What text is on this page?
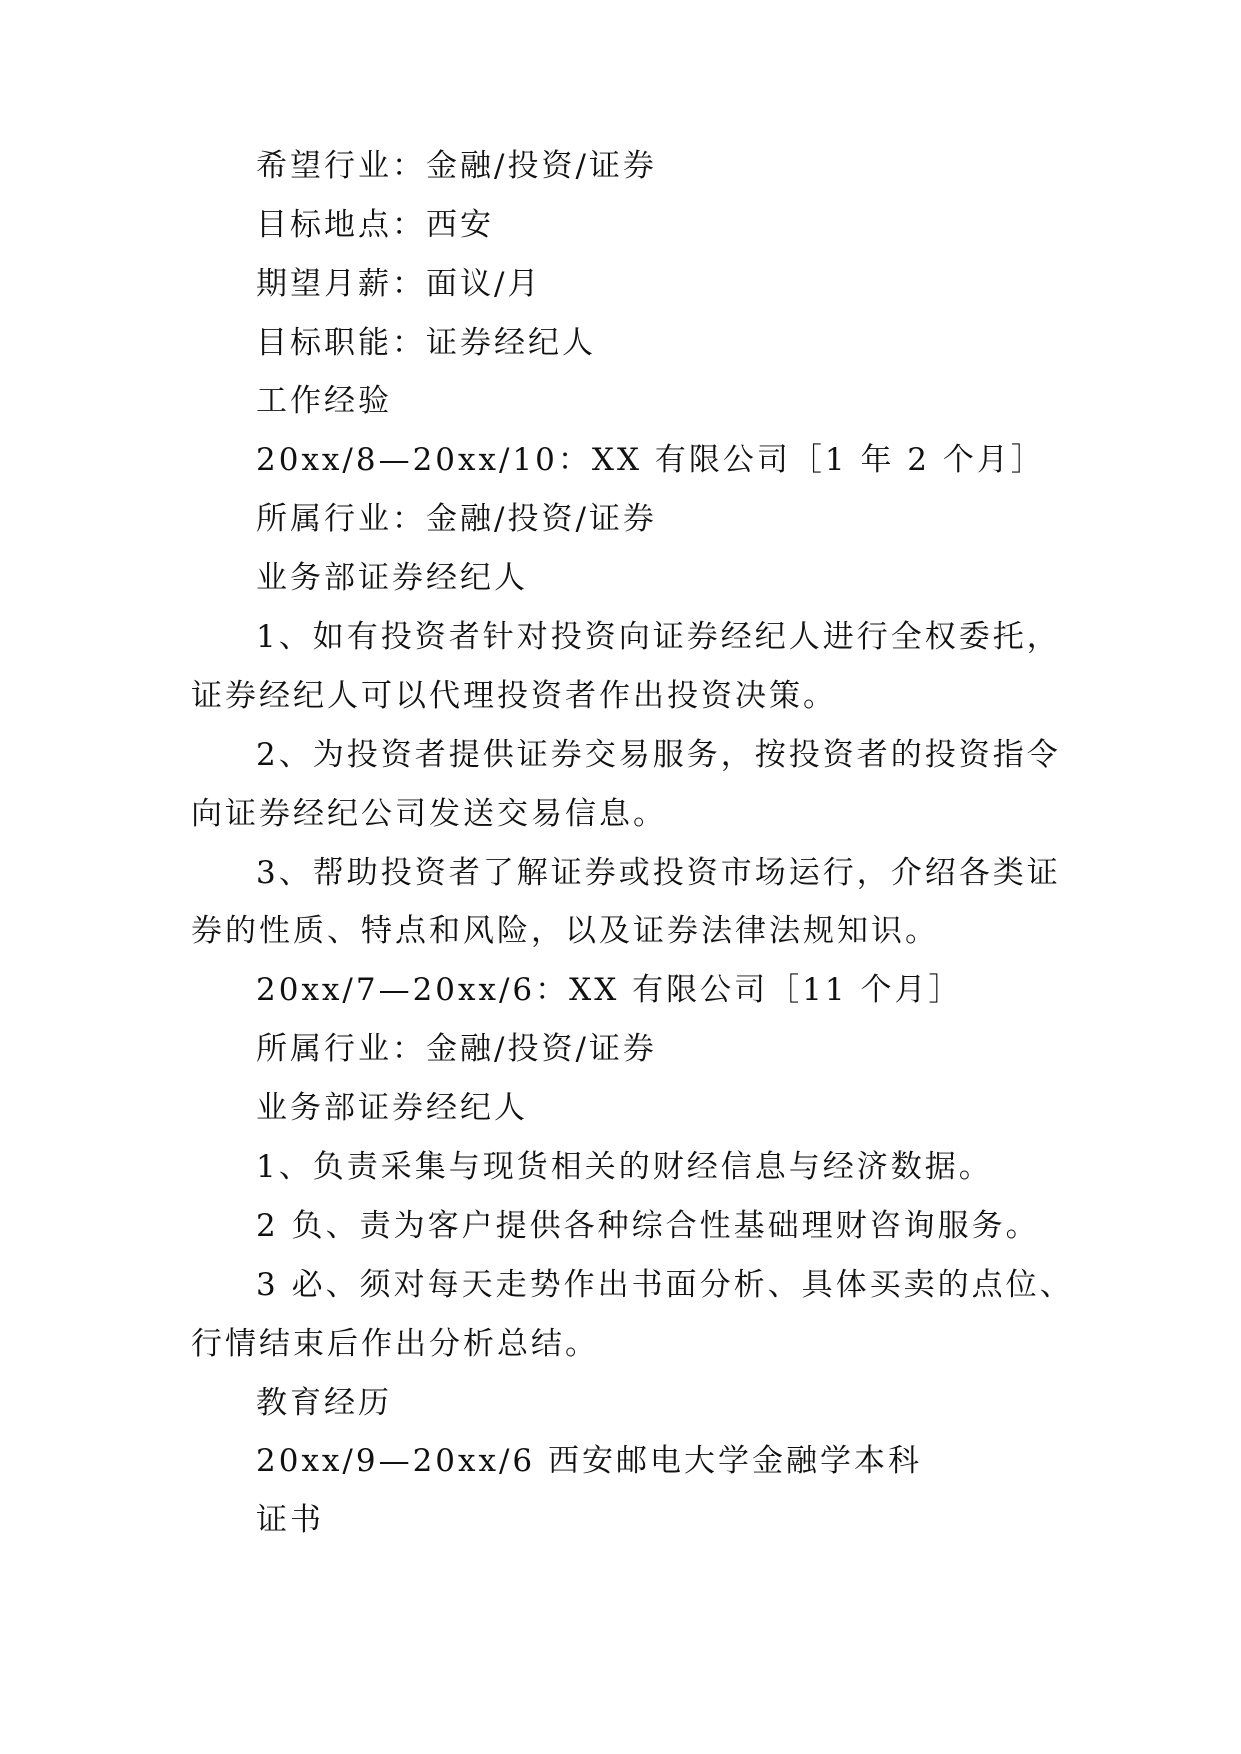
希望行业：金融/投资/证券
目标地点：西安
期望月薪：面议/月
目标职能：证券经纪人
工作经验
20xx/8—20xx/10：XX 有限公司［1 年 2 个月］
所属行业：金融/投资/证券
业务部证券经纪人
1、如有投资者针对投资向证券经纪人进行全权委托，
证券经纪人可以代理投资者作出投资决策。
2、为投资者提供证券交易服务，按投资者的投资指令
向证券经纪公司发送交易信息。
3、帮助投资者了解证券或投资市场运行，介绍各类证
券的性质、特点和风险，以及证券法律法规知识。
20xx/7—20xx/6：XX 有限公司［11 个月］
所属行业：金融/投资/证券
业务部证券经纪人
1、负责采集与现货相关的财经信息与经济数据。
2 负、责为客户提供各种综合性基础理财咨询服务。
3 必、须对每天走势作出书面分析、具体买卖的点位、
行情结束后作出分析总结。
教育经历
20xx/9—20xx/6 西安邮电大学金融学本科
证书
